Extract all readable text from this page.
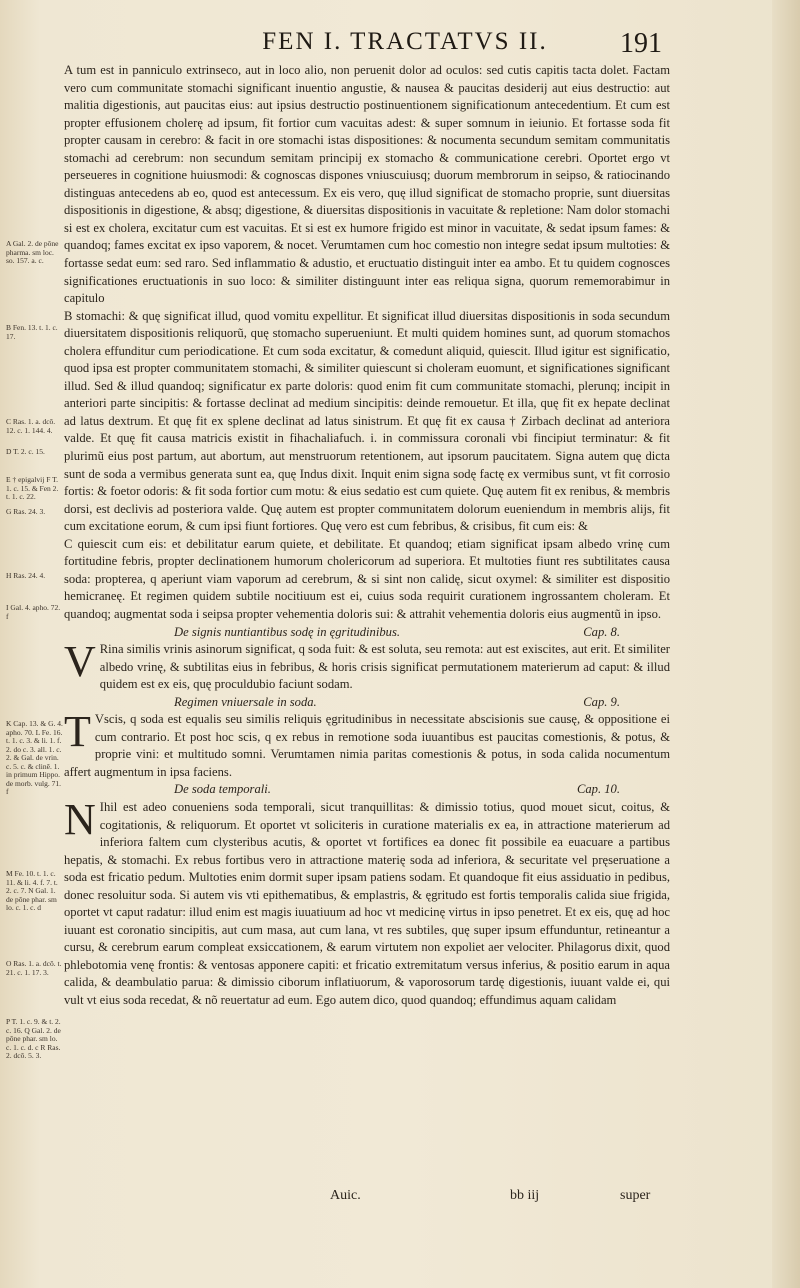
FEN I. TRACTATVS II.	191
A Gal. 2. de pōne pharma. sm loc. so. 157. a. c.
B Fen. 13. t. 1. c. 17.
C Ras. 1. a. dcō. 12. c. 1. 144. 4.
D T. 2. c. 15.
E † epigalvij F T. 1. c. 15. & Fen 2. t. 1. c. 22.
G Ras. 24. 3.
H Ras. 24. 4.
I Gal. 4. apho. 72. f
K Cap. 13. & G. 4. apho. 70. L Fe. 16. t. 1. c. 3. & li. 1. f. 2. do c. 3. all. 1. c. 2. & Gal. de vrin. c. 5. c. & clinē. 1. in primum Hippo. de morb. vulg. 71. f
M Fe. 10. t. 1. c. 11. & li. 4. f. 7. t. 2. c. 7. N Gal. 1. de pōne phar. sm lo. c. 1. c. d
O Ras. 1. a. dcō. t. 21. c. 1. 17. 3.
P T. 1. c. 9. & t. 2. c. 16. Q Gal. 2. de pōne phar. sm lo. c. 1. c. d. c R Ras. 2. dcō. 5. 3.

A tum est in panniculo extrinseco, aut in loco alio, non peruenit dolor ad oculos: sed cutis capitis tacta dolet. Factam vero cum communitate stomachi significant inuentio angustie, & nausea & paucitas desiderij aut eius destructio: aut malitia digestionis, aut paucitas eius: aut ipsius destructio postinuentionem significationum antecedentium. Et cum est propter effusionem cholerę ad ipsum, fit fortior cum vacuitas adest: & super somnum in ieiunio. Et fortasse soda fit propter causam in cerebro: & facit in ore stomachi istas dispositiones: & nocumenta secundum semitam communitatis stomachi ad cerebrum: non secundum semitam principij ex stomacho & communicatione cerebri. Oportet ergo vt perseueres in cognitione huiusmodi: & cognoscas dispones vniuscuiusq; duorum membrorum in seipso, & ratiocinando distinguas antecedens ab eo, quod est antecessum. Ex eis vero, quę illud significat de stomacho proprie, sunt diuersitas dispositionis in digestione, & absq; digestione, & diuersitas dispositionis in vacuitate & repletione: Nam dolor stomachi si est ex cholera, excitatur cum est vacuitas. Et si est ex humore frigido est minor in vacuitate, & sedat ipsum fames: & quandoq; fames excitat ex ipso vaporem, & nocet. Verumtamen cum hoc comestio non integre sedat ipsum multoties: & fortasse sedat eum: sed raro. Sed inflammatio & adustio, et eructuatio distinguit inter ea ambo. Et tu quidem cognosces significationes eructuationis in suo loco: & similiter distinguunt inter eas reliqua signa, quorum rememorabimur in capitulo

B stomachi: & quę significat illud, quod vomitu expellitur. Et significat illud diuersitas dispositionis in soda secundum diuersitatem dispositionis reliquorũ, quę stomacho superueniunt. Et multi quidem homines sunt, ad quorum stomachos cholera effunditur cum periodicatione. Et cum soda excitatur, & comedunt aliquid, quiescit. Illud igitur est significatio, quod ipsa est propter communitatem stomachi, & similiter quiescunt si choleram euomunt, et significationes significant illud. Sed & illud quandoq; significatur ex parte doloris: quod enim fit cum communitate stomachi, plerunq; incipit in anteriori parte sincipitis: & fortasse declinat ad medium sincipitis: deinde remouetur. Et illa, quę fit ex hepate declinat ad latus dextrum. Et quę fit ex splene declinat ad latus sinistrum. Et quę fit ex causa † Zirbach declinat ad anteriora valde. Et quę fit causa matricis existit in fihachaliafuch. i. in commissura coronali vbi fincipiut terminatur: & fit plurimũ eius post partum, aut abortum, aut menstruorum retentionem, aut ipsorum paucitatem. Signa autem quę dicta sunt de soda a vermibus generata sunt ea, quę Indus dixit. Inquit enim signa sodę factę ex vermibus sunt, vt fit corrosio fortis: & foetor odoris: & fit soda fortior cum motu: & eius sedatio est cum quiete. Quę autem fit ex renibus, & membris dorsi, est declivis ad posteriora valde. Quę autem est propter communitatem dolorum eueniendum in membris alijs, fit cum excitatione eorum, & cum ipsi fiunt fortiores. Quę vero est cum febribus, & crisibus, fit cum eis: &

C quiescit cum eis: et debilitatur earum quiete, et debilitate. Et quandoq; etiam significat ipsam albedo vrinę cum fortitudine febris, propter declinationem humorum cholericorum ad superiora. Et multoties fiunt res subtilitates causa soda: propterea, q aperiunt viam vaporum ad cerebrum, & si sint non calidę, sicut oxymel: & similiter est dispositio hemicraneę. Et regimen quidem subtile nocitiuum est ei, cuius soda requirit curationem ingrossantem choleram. Et quandoq; augmentat soda i seipsa propter vehementia doloris sui: & attrahit vehementia doloris eius augmentũ in ipso.

De signis nuntiantibus sodę in ęgritudinibus.	Cap. 8.

V Rina similis vrinis asinorum significat, q soda fuit: & est soluta, seu remota: aut est exiscites, aut erit. Et similiter albedo vrinę, & subtilitas eius in febribus, & horis crisis significat permutationem materierum ad caput: & illud quidem est ex eis, quę proculdubio faciunt sodam.

Regimen vniuersale in soda.	Cap. 9.

T Vscis, q soda est equalis seu similis reliquis ęgritudinibus in necessitate abscisionis sue causę, & oppositione ei cum contrario. Et post hoc scis, q ex rebus in remotione soda iuuantibus est paucitas comestionis, & potus, & proprie vini: et multitudo somni. Verumtamen nimia paritas comestionis & potus, in soda calida nocumentum affert augmentum in ipsa faciens.

De soda temporali.	Cap. 10.

N Ihil est adeo conueniens soda temporali, sicut tranquillitas: & dimissio totius, quod mouet sicut, coitus, & cogitationis, & reliquorum. Et oportet vt soliciteris in curatione materialis ex ea, in attractione materierum ad inferiora faltem cum clysteribus acutis, & oportet vt fortifices ea donec fit possibile ea euacuare a partibus hepatis, & stomachi. Ex rebus fortibus vero in attractione materię soda ad inferiora, & securitate vel pręseruatione a soda est fricatio pedum. Multoties enim dormit super ipsam patiens sodam. Et quandoque fit eius assiduatio in pedibus, donec resoluitur soda. Si autem vis vti epithematibus, & emplastris, & ęgritudo est fortis temporalis calida siue frigida, oportet vt caput radatur: illud enim est magis iuuatiuum ad hoc vt medicinę virtus in ipso penetret. Et ex eis, quę ad hoc iuuant est coronatio sincipitis, aut cum masa, aut cum lana, vt res subtiles, quę super ipsum effunduntur, retineantur a cursu, & cerebrum earum compleat exsiccationem, & earum virtutem non expoliet aer velociter. Philagorus dixit, quod phlebotomia venę frontis: & ventosas apponere capiti: et fricatio extremitatum versus inferius, & positio earum in aqua calida, & deambulatio parua: & dimissio ciborum inflatiuorum, & vaporosorum tardę digestionis, iuuant valde ei, qui vult vt eius soda recedat, & nõ reuertatur ad eum. Ego autem dico, quod quandoq; effundimus aquam calidam

Auic.	bb iij	super
